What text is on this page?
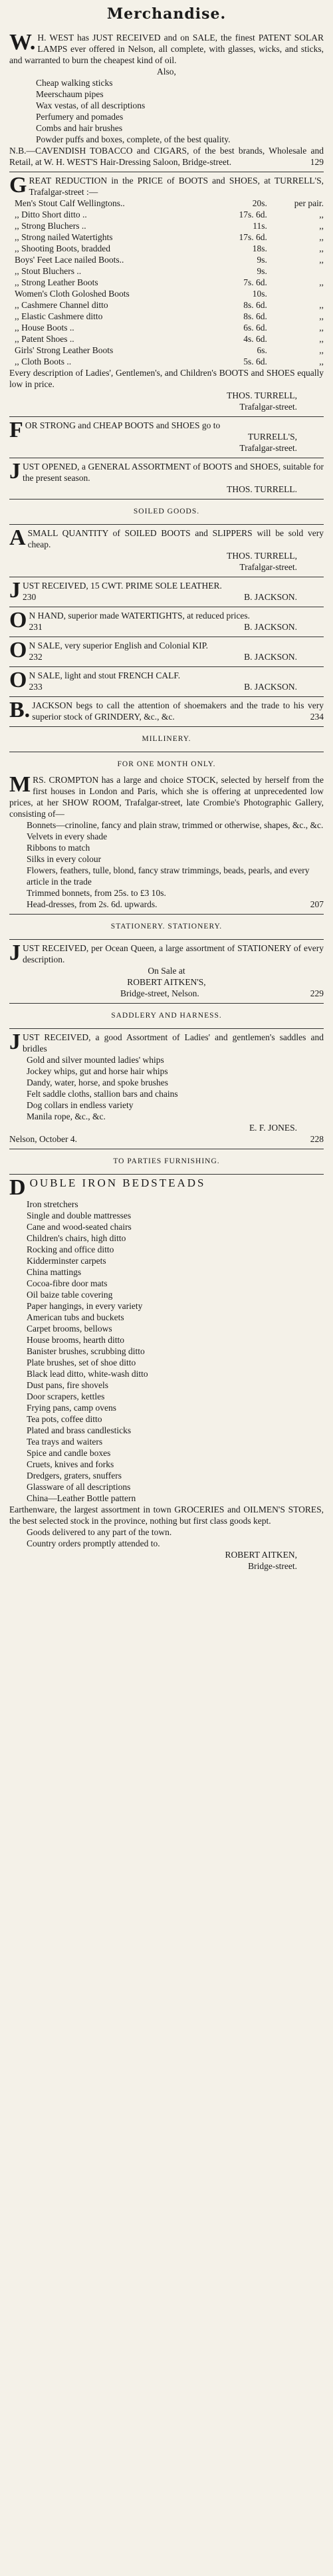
Merchandise.

W.H. WEST has JUST RECEIVED and on SALE, the finest PATENT SOLAR LAMPS ever offered in Nelson, all complete, with glasses, wicks, and sticks, and warranted to burn the cheapest kind of oil.

Also,
Cheap walking sticks
Meerschaum pipes
Wax vestas, of all descriptions
Perfumery and pomades
Combs and hair brushes
Powder puffs and boxes, complete, of the best quality.

N.B.—CAVENDISH TOBACCO and CIGARS, of the best brands, Wholesale and Retail, at W. H. WEST'S Hair-Dressing Saloon, Bridge-street.	129

GREAT REDUCTION in the PRICE of BOOTS and SHOES, at TURRELL'S, Trafalgar-street :—

Men's Stout Calf Wellingtons..	20s.	per pair.
,, Ditto Short ditto ..	17s. 6d.	,,
,, Strong Bluchers ..	11s.	,,
,, Strong nailed Watertights	17s. 6d.	,,
,, Shooting Boots, bradded	18s.	,,
Boys' Feet Lace nailed Boots..	9s.	,,
,, Stout Bluchers ..	9s.	
,, Strong Leather Boots	7s. 6d.	,,
Women's Cloth Goloshed Boots	10s.	
,, Cashmere Channel ditto	8s. 6d.	,,
,, Elastic Cashmere ditto	8s. 6d.	,,
,, House Boots ..	6s. 6d.	,,
,, Patent Shoes ..	4s. 6d.	,,
Girls' Strong Leather Boots	6s.	,,
,, Cloth Boots ..	5s. 6d.	,,

Every description of Ladies', Gentlemen's, and Children's BOOTS and SHOES equally low in price.

THOS. TURRELL,
Trafalgar-street.

FOR STRONG and CHEAP BOOTS and SHOES go to

TURRELL'S,
Trafalgar-street.

JUST OPENED, a GENERAL ASSORTMENT of BOOTS and SHOES, suitable for the present season.

THOS. TURRELL.
SOILED GOODS.

ASMALL QUANTITY of SOILED BOOTS and SLIPPERS will be sold very cheap.

THOS. TURRELL,
Trafalgar-street.

JUST RECEIVED, 15 CWT. PRIME SOLE LEATHER.

230	B. JACKSON.

ON HAND, superior made WATERTIGHTS, at reduced prices.

231	B. JACKSON.

ON SALE, very superior English and Colonial KIP.

232	B. JACKSON.

ON SALE, light and stout FRENCH CALF.

233	B. JACKSON.

B.JACKSON begs to call the attention of shoemakers and the trade to his very superior stock of GRINDERY, &c., &c.	234

MILLINERY.
FOR ONE MONTH ONLY.

MRS. CROMPTON has a large and choice STOCK, selected by herself from the first houses in London and Paris, which she is offering at unprecedented low prices, at her SHOW ROOM, Trafalgar-street, late Crombie's Photographic Gallery, consisting of—

Bonnets—crinoline, fancy and plain straw, trimmed or otherwise, shapes, &c., &c.
Velvets in every shade
Ribbons to match
Silks in every colour
Flowers, feathers, tulle, blond, fancy straw trimmings, beads, pearls, and every article in the trade
Trimmed bonnets, from 25s. to £3 10s.
Head-dresses, from 2s. 6d. upwards.	207
STATIONERY. STATIONERY.

JUST RECEIVED, per Ocean Queen, a large assortment of STATIONERY of every description.

On Sale at
ROBERT AITKEN'S,
Bridge-street, Nelson.	229
SADDLERY AND HARNESS.

JUST RECEIVED, a good Assortment of Ladies' and gentlemen's saddles and bridles

Gold and silver mounted ladies' whips
Jockey whips, gut and horse hair whips
Dandy, water, horse, and spoke brushes
Felt saddle cloths, stallion bars and chains
Dog collars in endless variety
Manila rope, &c., &c.
E. F. JONES.
Nelson, October 4.	228
TO PARTIES FURNISHING.

DOUBLE IRON BEDSTEADS

Iron stretchers
Single and double mattresses
Cane and wood-seated chairs
Children's chairs, high ditto
Rocking and office ditto
Kidderminster carpets
China mattings
Cocoa-fibre door mats
Oil baize table covering
Paper hangings, in every variety
American tubs and buckets
Carpet brooms, bellows
House brooms, hearth ditto
Banister brushes, scrubbing ditto
Plate brushes, set of shoe ditto
Black lead ditto, white-wash ditto
Dust pans, fire shovels
Door scrapers, kettles
Frying pans, camp ovens
Tea pots, coffee ditto
Plated and brass candlesticks
Tea trays and waiters
Spice and candle boxes
Cruets, knives and forks
Dredgers, graters, snuffers
Glassware of all descriptions
China—Leather Bottle pattern

Earthenware, the largest assortment in town GROCERIES and OILMEN'S STORES, the best selected stock in the province, nothing but first class goods kept.

Goods delivered to any part of the town.
Country orders promptly attended to.
ROBERT AITKEN,
Bridge-street.
